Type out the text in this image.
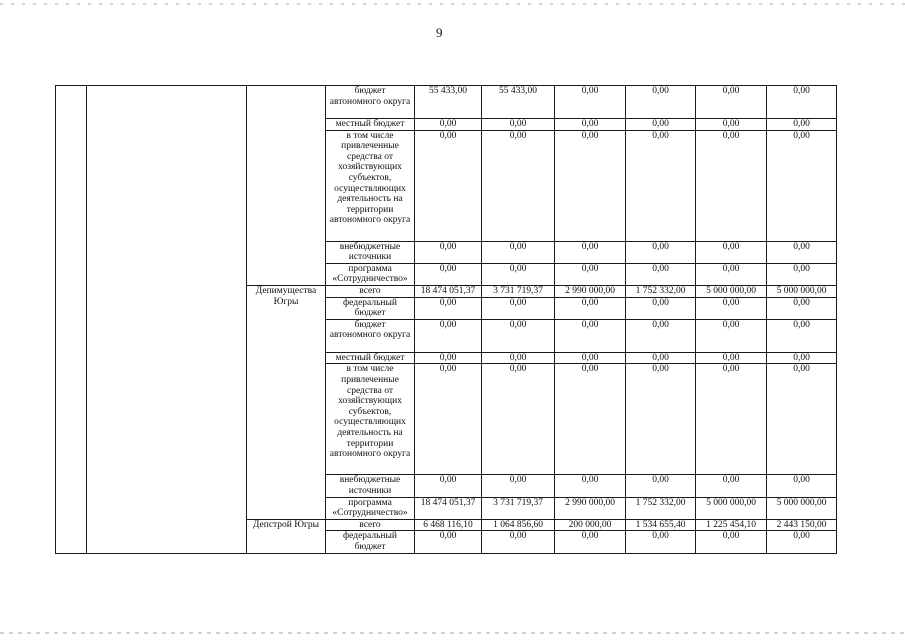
9
			бюджет автономного округа	55 433,00	55 433,00	0,00	0,00	0,00	0,00
			местный бюджет	0,00	0,00	0,00	0,00	0,00	0,00
			в том числе привлеченные средства от хозяйствующих субъектов, осуществляющих деятельность на территории автономного округа	0,00	0,00	0,00	0,00	0,00	0,00
			внебюджетные источники	0,00	0,00	0,00	0,00	0,00	0,00
			программа «Сотрудничество»	0,00	0,00	0,00	0,00	0,00	0,00
		Депимущества Югры	всего	18 474 051,37	3 731 719,37	2 990 000,00	1 752 332,00	5 000 000,00	5 000 000,00
			федеральный бюджет	0,00	0,00	0,00	0,00	0,00	0,00
			бюджет автономного округа	0,00	0,00	0,00	0,00	0,00	0,00
			местный бюджет	0,00	0,00	0,00	0,00	0,00	0,00
			в том числе привлеченные средства от хозяйствующих субъектов, осуществляющих деятельность на территории автономного округа	0,00	0,00	0,00	0,00	0,00	0,00
			внебюджетные источники	0,00	0,00	0,00	0,00	0,00	0,00
			программа «Сотрудничество»	18 474 051,37	3 731 719,37	2 990 000,00	1 752 332,00	5 000 000,00	5 000 000,00
		Депстрой Югры	всего	6 468 116,10	1 064 856,60	200 000,00	1 534 655,40	1 225 454,10	2 443 150,00
			федеральный бюджет	0,00	0,00	0,00	0,00	0,00	0,00
